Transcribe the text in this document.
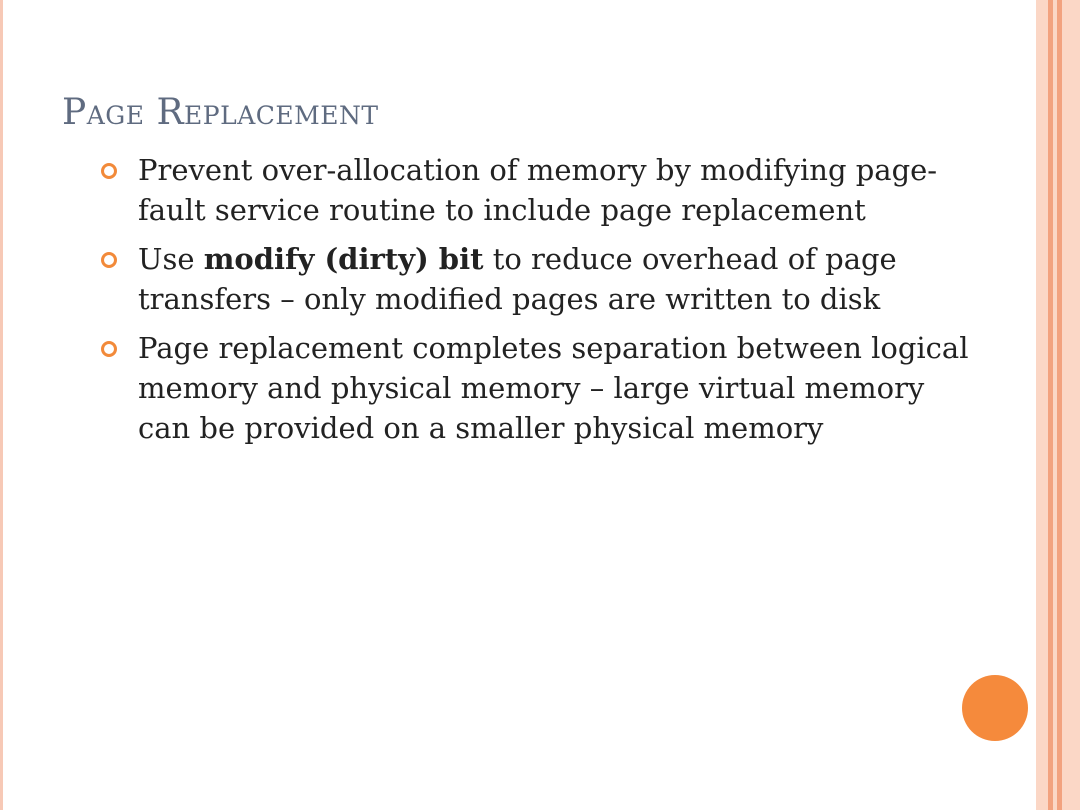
Page Replacement
Prevent over-allocation of memory by modifying page-fault service routine to include page replacement
Use modify (dirty) bit to reduce overhead of page transfers – only modified pages are written to disk
Page replacement completes separation between logical memory and physical memory – large virtual memory can be provided on a smaller physical memory
